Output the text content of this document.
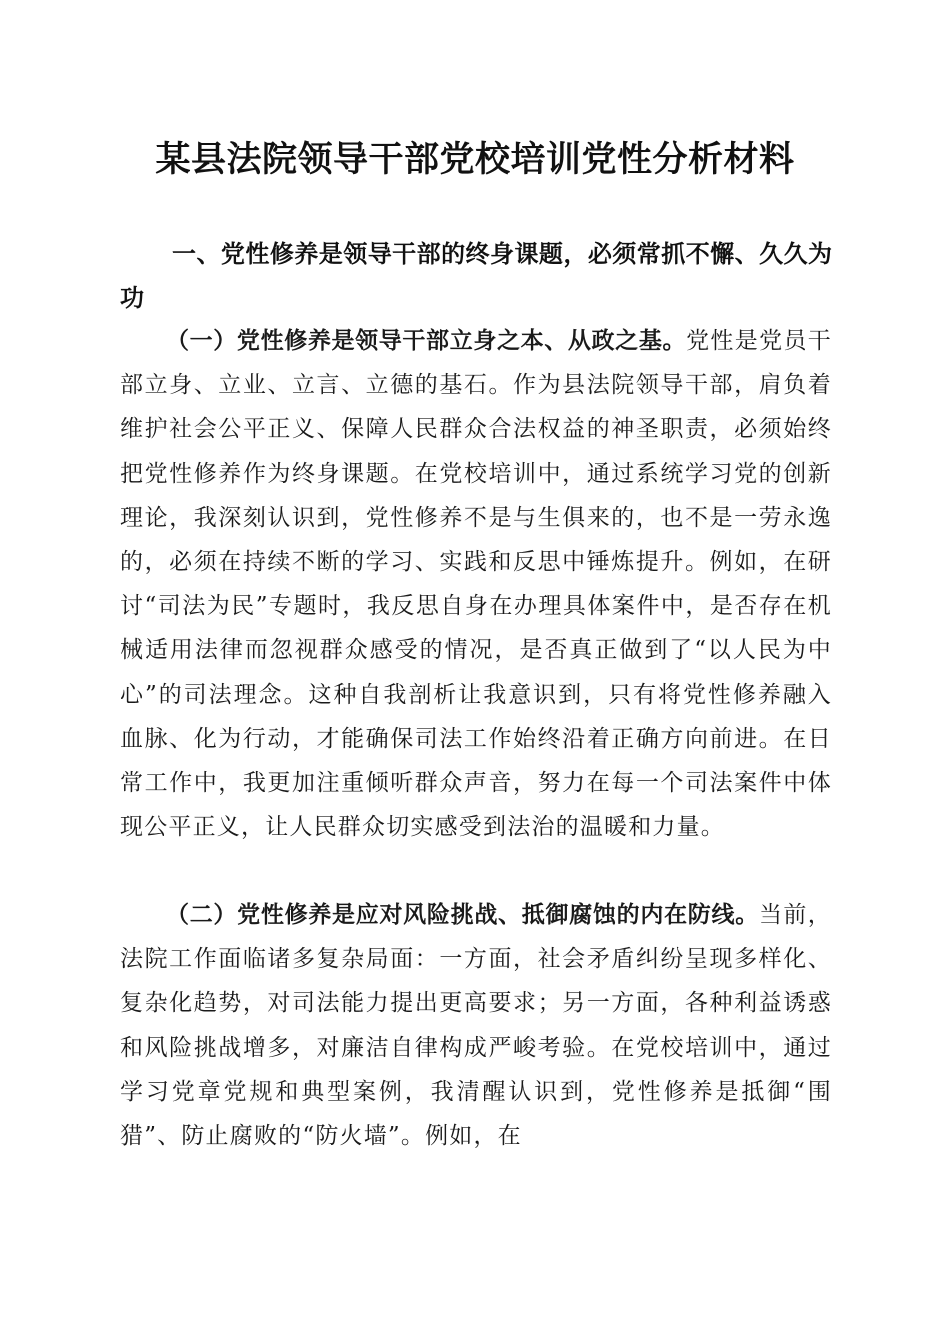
某县法院领导干部党校培训党性分析材料
一、党性修养是领导干部的终身课题，必须常抓不懈、久久为功
（一）党性修养是领导干部立身之本、从政之基。党性是党员干部立身、立业、立言、立德的基石。作为县法院领导干部，肩负着维护社会公平正义、保障人民群众合法权益的神圣职责，必须始终把党性修养作为终身课题。在党校培训中，通过系统学习党的创新理论，我深刻认识到，党性修养不是与生俱来的，也不是一劳永逸的，必须在持续不断的学习、实践和反思中锤炼提升。例如，在研讨“司法为民”专题时，我反思自身在办理具体案件中，是否存在机械适用法律而忽视群众感受的情况，是否真正做到了“以人民为中心”的司法理念。这种自我剖析让我意识到，只有将党性修养融入血脉、化为行动，才能确保司法工作始终沿着正确方向前进。在日常工作中，我更加注重倾听群众声音，努力在每一个司法案件中体现公平正义，让人民群众切实感受到法治的温暖和力量。
（二）党性修养是应对风险挑战、抵御腐蚀的内在防线。当前，法院工作面临诸多复杂局面：一方面，社会矛盾纠纷呈现多样化、复杂化趋势，对司法能力提出更高要求；另一方面，各种利益诱惑和风险挑战增多，对廉洁自律构成严峻考验。在党校培训中，通过学习党章党规和典型案例，我清醒认识到，党性修养是抵御“围猎”、防止腐败的“防火墙”。例如，在
